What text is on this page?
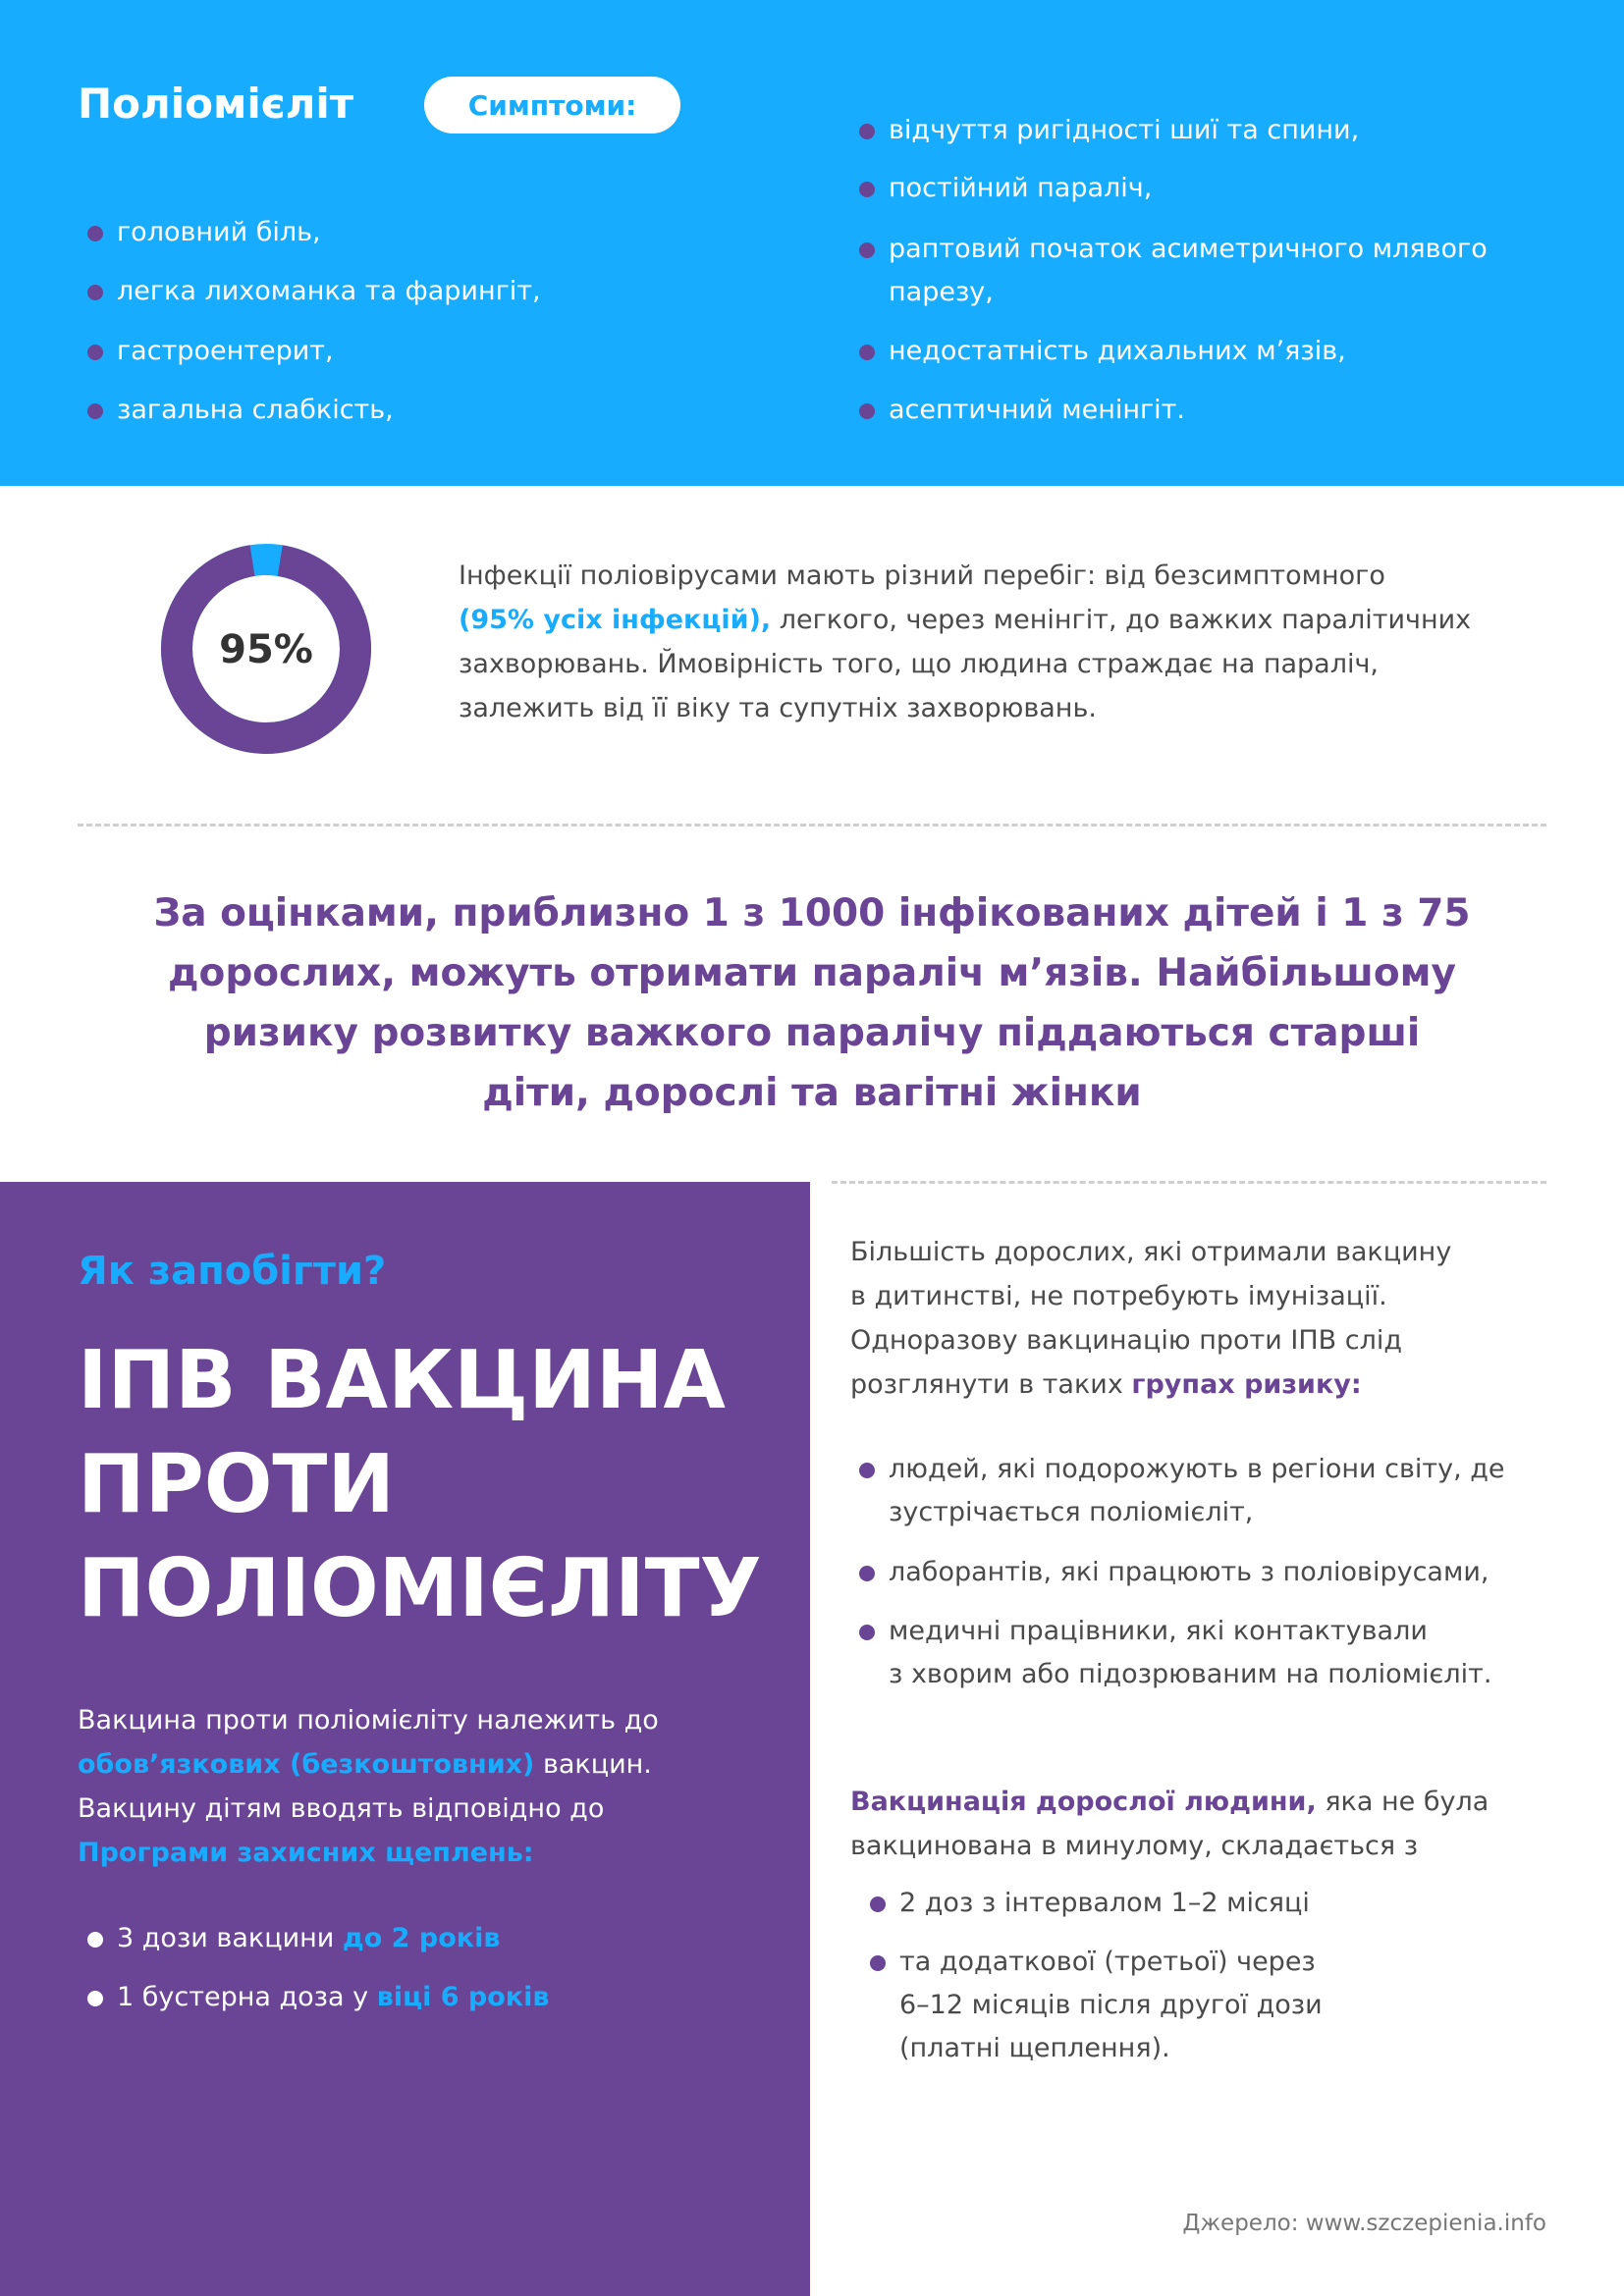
Поліомієліт	Симптоми:
головний біль,
легка лихоманка та фарингіт,
гастроентерит,
загальна слабкість,
відчуття ригідності шиї та спини,
постійний параліч,
раптовий початок асиметричного млявого
парезу,
недостатність дихальних м’язів,
асептичний менінгіт.
95%
Інфекції поліовірусами мають різний перебіг: від безсимптомного
(95% усіх інфекцій), легкого, через менінгіт, до важких паралітичних
захворювань. Ймовірність того, що людина страждає на параліч,
залежить від її віку та супутніх захворювань.
За оцінками, приблизно 1 з 1000 інфікованих дітей і 1 з 75
дорослих, можуть отримати параліч м’язів. Найбільшому
ризику розвитку важкого паралічу піддаються старші
діти, дорослі та вагітні жінки
Як запобігти?
ІПВ ВАКЦИНА
ПРОТИ
ПОЛІОМІЄЛІТУ
Вакцина проти поліомієліту належить до
обов’язкових (безкоштовних) вакцин.
Вакцину дітям вводять відповідно до
Програми захисних щеплень:
3 дози вакцини до 2 років
1 бустерна доза у віці 6 років
Більшість дорослих, які отримали вакцину
в дитинстві, не потребують імунізації.
Одноразову вакцинацію проти ІПВ слід
розглянути в таких групах ризику:
людей, які подорожують в регіони світу, де
зустрічається поліомієліт,
лаборантів, які працюють з поліовірусами,
медичні працівники, які контактували
з хворим або підозрюваним на поліомієліт.
Вакцинація дорослої людини, яка не була
вакцинована в минулому, складається з
2 доз з інтервалом 1–2 місяці
та додаткової (третьої) через
6–12 місяців після другої дози
(платні щеплення).
Джерело: www.szczepienia.info
